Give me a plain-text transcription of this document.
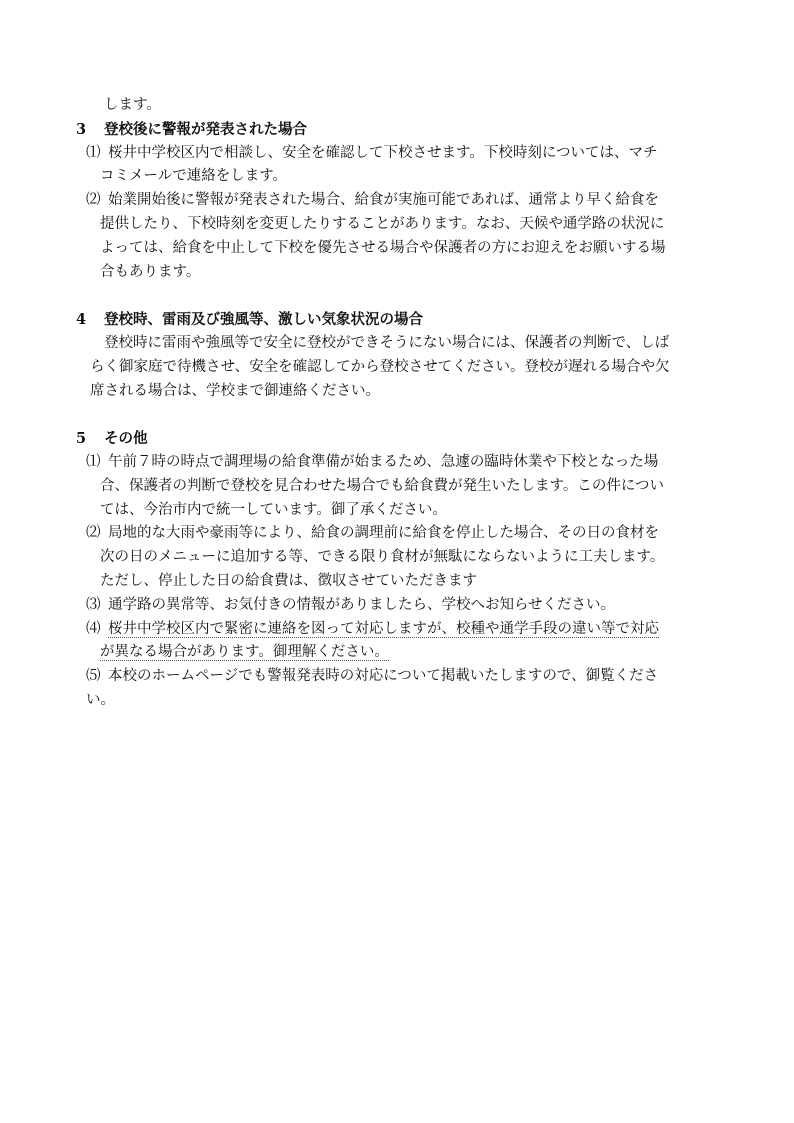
します。
3 登校後に警報が発表された場合
⑴ 桜井中学校区内で相談し、安全を確認して下校させます。下校時刻については、マチ
コミメールで連絡をします。
⑵ 始業開始後に警報が発表された場合、給食が実施可能であれば、通常より早く給食を
提供したり、下校時刻を変更したりすることがあります。なお、天候や通学路の状況に
よっては、給食を中止して下校を優先させる場合や保護者の方にお迎えをお願いする場
合もあります。
4 登校時、雷雨及び強風等、激しい気象状況の場合
登校時に雷雨や強風等で安全に登校ができそうにない場合には、保護者の判断で、しば
らく御家庭で待機させ、安全を確認してから登校させてください。登校が遅れる場合や欠
席される場合は、学校まで御連絡ください。
5 その他
⑴ 午前７時の時点で調理場の給食準備が始まるため、急遽の臨時休業や下校となった場
合、保護者の判断で登校を見合わせた場合でも給食費が発生いたします。この件につい
ては、今治市内で統一しています。御了承ください。
⑵ 局地的な大雨や豪雨等により、給食の調理前に給食を停止した場合、その日の食材を
次の日のメニューに追加する等、できる限り食材が無駄にならないように工夫します。
ただし、停止した日の給食費は、徴収させていただきます
⑶ 通学路の異常等、お気付きの情報がありましたら、学校へお知らせください。
⑷ 桜井中学校区内で緊密に連絡を図って対応しますが、校種や通学手段の違い等で対応
が異なる場合があります。御理解ください。
⑸ 本校のホームページでも警報発表時の対応について掲載いたしますので、御覧くださ
い。
